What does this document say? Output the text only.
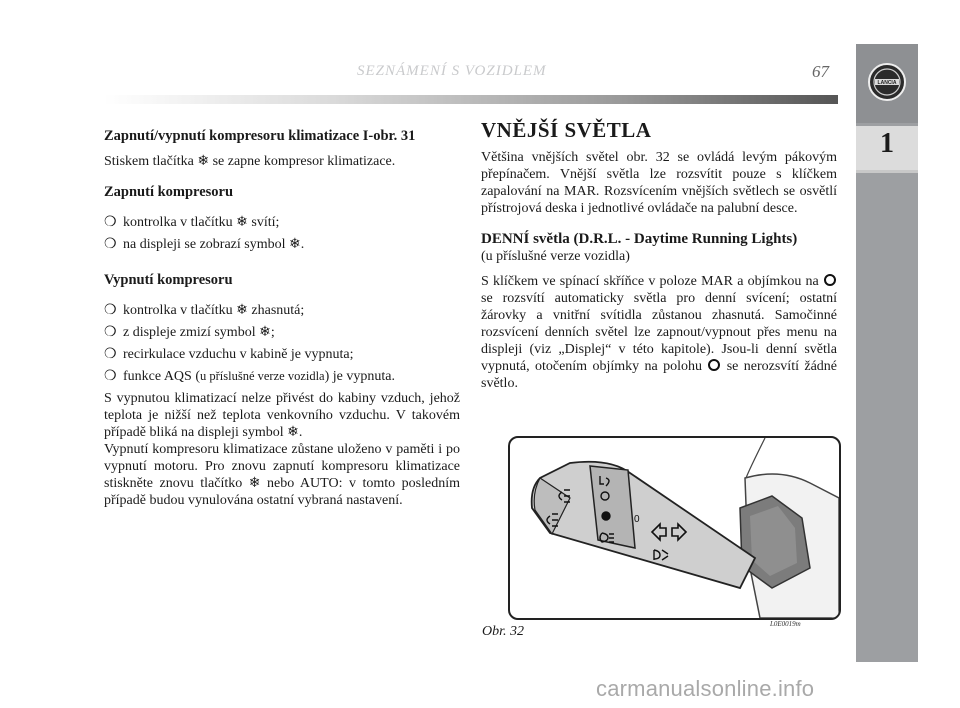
SEZNÁMENÍ S VOZIDLEM	67
LANCIA
1

Zapnutí/vypnutí kompresoru klimatizace I-obr. 31

Stiskem tlačítka ❄ se zapne kompresor klimatizace.

Zapnutí kompresoru

❍ kontrolka v tlačítku ❄ svítí;
❍ na displeji se zobrazí symbol ❄.

Vypnutí kompresoru

❍ kontrolka v tlačítku ❄ zhasnutá;
❍ z displeje zmizí symbol ❄;
❍ recirkulace vzduchu v kabině je vypnuta;
❍ funkce AQS (u příslušné verze vozidla) je vypnuta.

S vypnutou klimatizací nelze přivést do kabiny vzduch, jehož teplota je nižší než teplota venkovního vzduchu. V takovém případě bliká na displeji symbol ❄.

Vypnutí kompresoru klimatizace zůstane uloženo v paměti i po vypnutí motoru. Pro znovu zapnutí kompresoru klimatizace stiskněte znovu tlačítko ❄ nebo AUTO: v tomto posledním případě budou vynulována ostatní vybraná nastavení.

VNĚJŠÍ SVĚTLA

Většina vnějších světel obr. 32 se ovládá levým pákovým přepínačem. Vnější světla lze rozsvítit pouze s klíčkem zapalování na MAR. Rozsvícením vnějších světlech se osvětlí přístrojová deska i jednotlivé ovládače na palubní desce.

DENNÍ světla (D.R.L. - Daytime Running Lights)

(u příslušné verze vozidla)

S klíčkem ve spínací skříňce v poloze MAR a objímkou na  se rozsvítí automaticky světla pro denní svícení; ostatní žárovky a vnitřní svítidla zůstanou zhasnutá. Samočinné rozsvícení denních světel lze zapnout/vypnout přes menu na displeji (viz „Displej“ v této kapitole). Jsou-li denní světla vypnutá, otočením objímky na polohu  se nerozsvítí žádné světlo.

0
Obr. 32	L0E0019m
carmanualsonline.info
